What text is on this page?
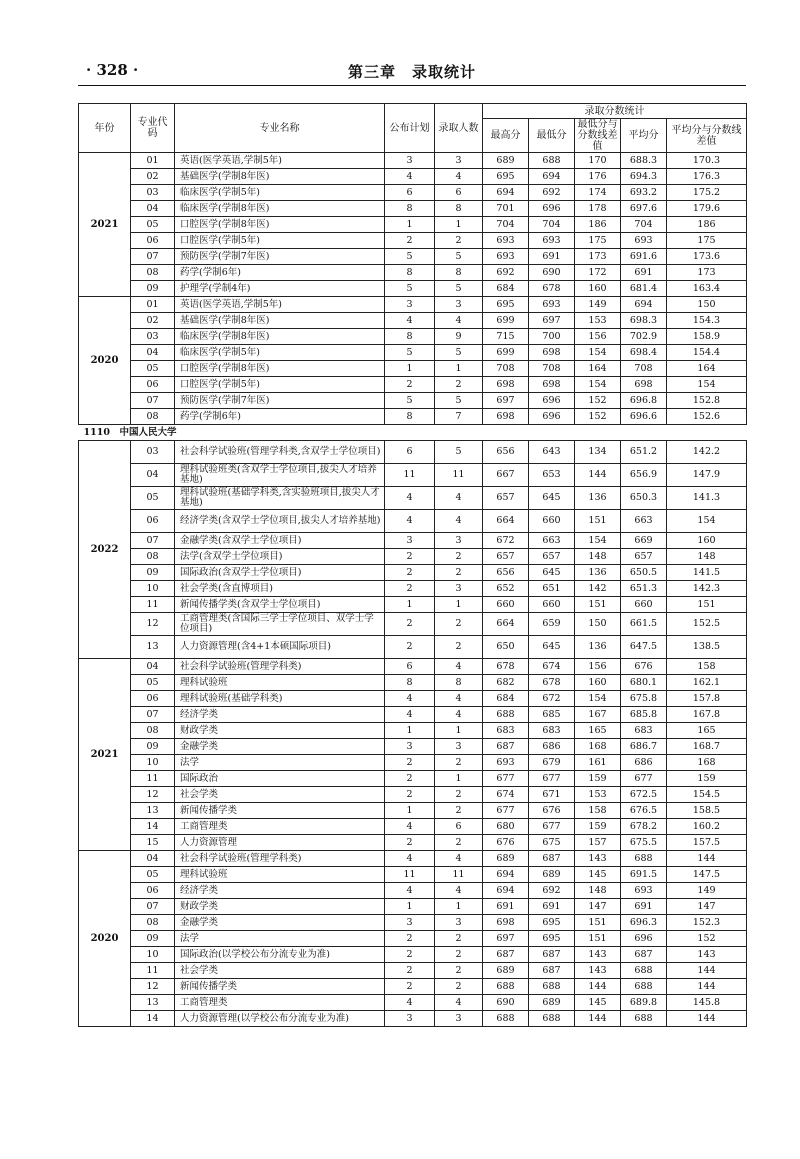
· 328 ·	第三章　录取统计
年份	专业代码	专业名称	公布计划	录取人数	录取分数统计				
					最高分	最低分	最低分与分数线差值	平均分	平均分与分数线差值
2021	01	英语(医学英语,学制5年)	3	3	689	688	170	688.3	170.3
	02	基础医学(学制8年医)	4	4	695	694	176	694.3	176.3
	03	临床医学(学制5年)	6	6	694	692	174	693.2	175.2
	04	临床医学(学制8年医)	8	8	701	696	178	697.6	179.6
	05	口腔医学(学制8年医)	1	1	704	704	186	704	186
	06	口腔医学(学制5年)	2	2	693	693	175	693	175
	07	预防医学(学制7年医)	5	5	693	691	173	691.6	173.6
	08	药学(学制6年)	8	8	692	690	172	691	173
	09	护理学(学制4年)	5	5	684	678	160	681.4	163.4
2020	01	英语(医学英语,学制5年)	3	3	695	693	149	694	150
	02	基础医学(学制8年医)	4	4	699	697	153	698.3	154.3
	03	临床医学(学制8年医)	8	9	715	700	156	702.9	158.9
	04	临床医学(学制5年)	5	5	699	698	154	698.4	154.4
	05	口腔医学(学制8年医)	1	1	708	708	164	708	164
	06	口腔医学(学制5年)	2	2	698	698	154	698	154
	07	预防医学(学制7年医)	5	5	697	696	152	696.8	152.8
	08	药学(学制6年)	8	7	698	696	152	696.6	152.6
1110　中国人民大学									
2022	03	社会科学试验班(管理学科类,含双学士学位项目)	6	5	656	643	134	651.2	142.2
	04	理科试验班类(含双学士学位项目,拔尖人才培养基地)	11	11	667	653	144	656.9	147.9
	05	理科试验班(基础学科类,含实验班项目,拔尖人才基地)	4	4	657	645	136	650.3	141.3
	06	经济学类(含双学士学位项目,拔尖人才培养基地)	4	4	664	660	151	663	154
	07	金融学类(含双学士学位项目)	3	3	672	663	154	669	160
	08	法学(含双学士学位项目)	2	2	657	657	148	657	148
	09	国际政治(含双学士学位项目)	2	2	656	645	136	650.5	141.5
	10	社会学类(含直博项目)	2	3	652	651	142	651.3	142.3
	11	新闻传播学类(含双学士学位项目)	1	1	660	660	151	660	151
	12	工商管理类(含国际三学士学位项目、双学士学位项目)	2	2	664	659	150	661.5	152.5
	13	人力资源管理(含4+1本硕国际项目)	2	2	650	645	136	647.5	138.5
2021	04	社会科学试验班(管理学科类)	6	4	678	674	156	676	158
	05	理科试验班	8	8	682	678	160	680.1	162.1
	06	理科试验班(基础学科类)	4	4	684	672	154	675.8	157.8
	07	经济学类	4	4	688	685	167	685.8	167.8
	08	财政学类	1	1	683	683	165	683	165
	09	金融学类	3	3	687	686	168	686.7	168.7
	10	法学	2	2	693	679	161	686	168
	11	国际政治	2	1	677	677	159	677	159
	12	社会学类	2	2	674	671	153	672.5	154.5
	13	新闻传播学类	1	2	677	676	158	676.5	158.5
	14	工商管理类	4	6	680	677	159	678.2	160.2
	15	人力资源管理	2	2	676	675	157	675.5	157.5
2020	04	社会科学试验班(管理学科类)	4	4	689	687	143	688	144
	05	理科试验班	11	11	694	689	145	691.5	147.5
	06	经济学类	4	4	694	692	148	693	149
	07	财政学类	1	1	691	691	147	691	147
	08	金融学类	3	3	698	695	151	696.3	152.3
	09	法学	2	2	697	695	151	696	152
	10	国际政治(以学校公布分流专业为准)	2	2	687	687	143	687	143
	11	社会学类	2	2	689	687	143	688	144
	12	新闻传播学类	2	2	688	688	144	688	144
	13	工商管理类	4	4	690	689	145	689.8	145.8
	14	人力资源管理(以学校公布分流专业为准)	3	3	688	688	144	688	144
